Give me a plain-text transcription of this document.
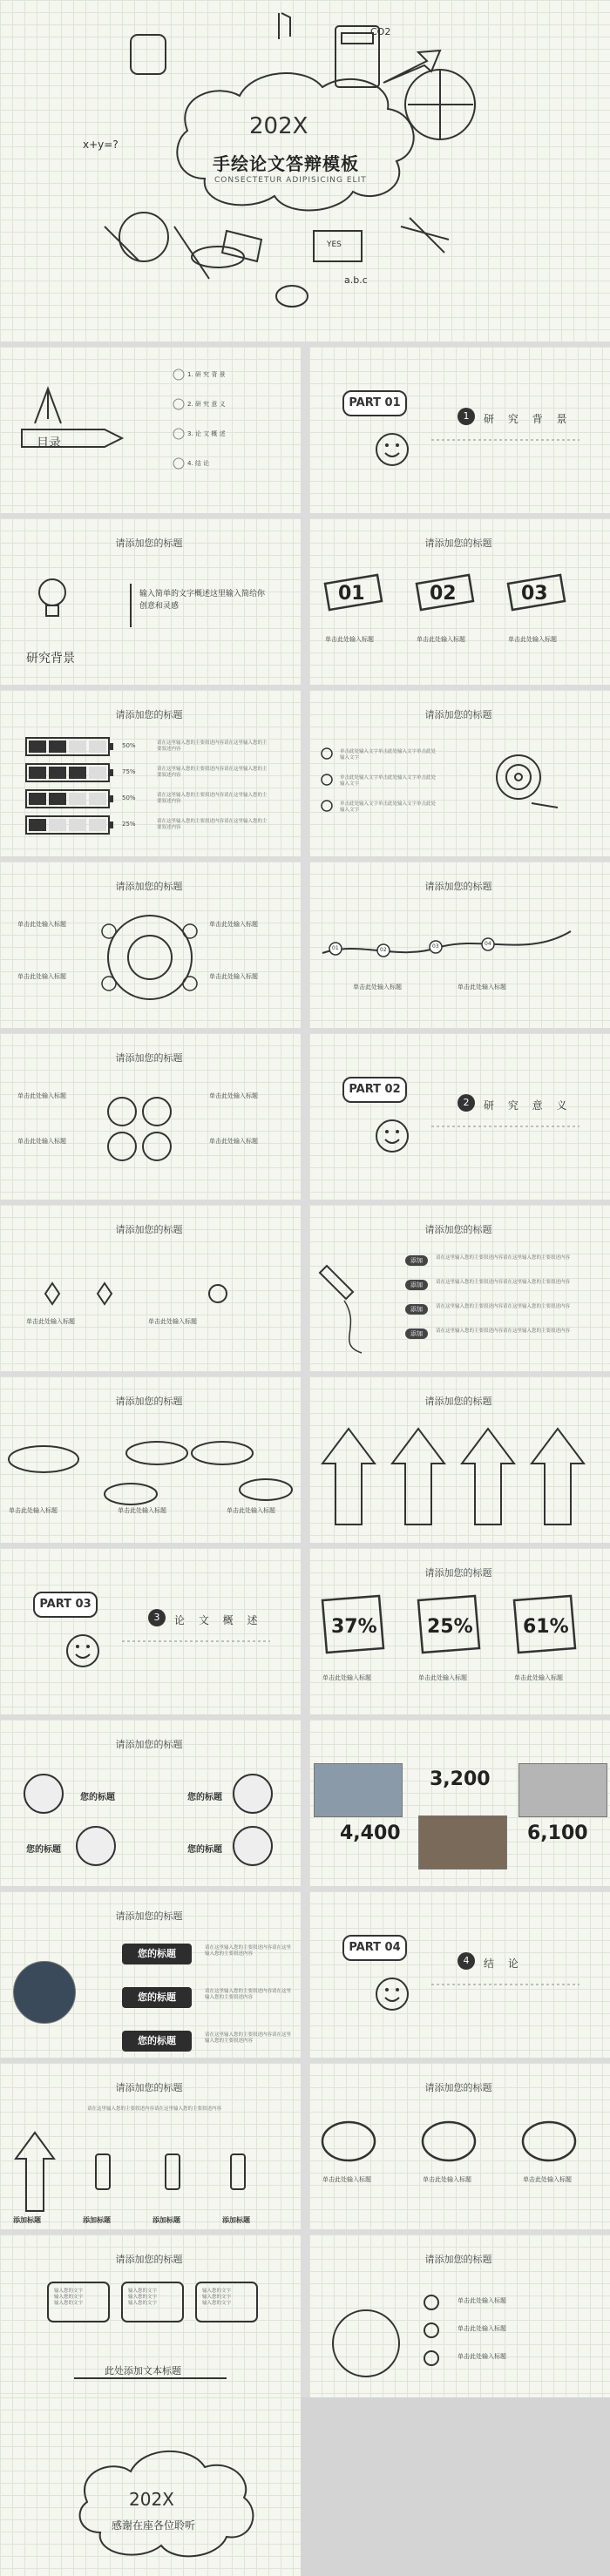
x+y=?
202X
手绘论文答辩模板
CONSECTETUR ADIPISICING ELIT
CO2
YES
a.b.c
目录
1. 研 究 背 景
2. 研 究 意 义
3. 论 文 概 述
4. 结 论
PART 01
1	研 究 背 景
请添加您的标题
研究背景
输入简单的文字概述这里输入简给你创意和灵感
请添加您的标题
01	02	03
单击此处输入标题	单击此处输入标题	单击此处输入标题
请添加您的标题
50%
75%
50%
25%
请在这里输入您的主要叙述内容请在这里输入您的主要叙述内容
请在这里输入您的主要叙述内容请在这里输入您的主要叙述内容
请在这里输入您的主要叙述内容请在这里输入您的主要叙述内容
请在这里输入您的主要叙述内容请在这里输入您的主要叙述内容
请添加您的标题
单击此处输入文字单击此处输入文字单击此处输入文字
单击此处输入文字单击此处输入文字单击此处输入文字
单击此处输入文字单击此处输入文字单击此处输入文字
请添加您的标题
单击此处输入标题	单击此处输入标题
单击此处输入标题	单击此处输入标题
请添加您的标题
01	02
03	04
单击此处输入标题	单击此处输入标题
请添加您的标题
单击此处输入标题	单击此处输入标题
单击此处输入标题	单击此处输入标题
PART 02
2	研 究 意 义
请添加您的标题
单击此处输入标题	单击此处输入标题
请添加您的标题
添加
添加
添加
添加
请在这里输入您的主要叙述内容请在这里输入您的主要叙述内容
请在这里输入您的主要叙述内容请在这里输入您的主要叙述内容
请在这里输入您的主要叙述内容请在这里输入您的主要叙述内容
请在这里输入您的主要叙述内容请在这里输入您的主要叙述内容
请添加您的标题
单击此处输入标题	单击此处输入标题	单击此处输入标题
请添加您的标题
PART 03
3	论 文 概 述
请添加您的标题
37%	25%	61%
单击此处输入标题	单击此处输入标题	单击此处输入标题
请添加您的标题
您的标题	您的标题
您的标题	您的标题
3,200
4,400	6,100
请添加您的标题
您的标题
您的标题
您的标题
请在这里输入您的主要叙述内容请在这里输入您的主要叙述内容
请在这里输入您的主要叙述内容请在这里输入您的主要叙述内容
请在这里输入您的主要叙述内容请在这里输入您的主要叙述内容
PART 04
4	结 论
请添加您的标题
添加标题	添加标题	添加标题	添加标题
请在这里输入您的主要叙述内容请在这里输入您的主要叙述内容
请添加您的标题
单击此处输入标题	单击此处输入标题	单击此处输入标题
请添加您的标题
输入您的文字
输入您的文字
输入您的文字
输入您的文字
输入您的文字
输入您的文字
输入您的文字
输入您的文字
输入您的文字
此处添加文本标题
请添加您的标题
单击此处输入标题
单击此处输入标题
单击此处输入标题
202X
感谢在座各位聆听
